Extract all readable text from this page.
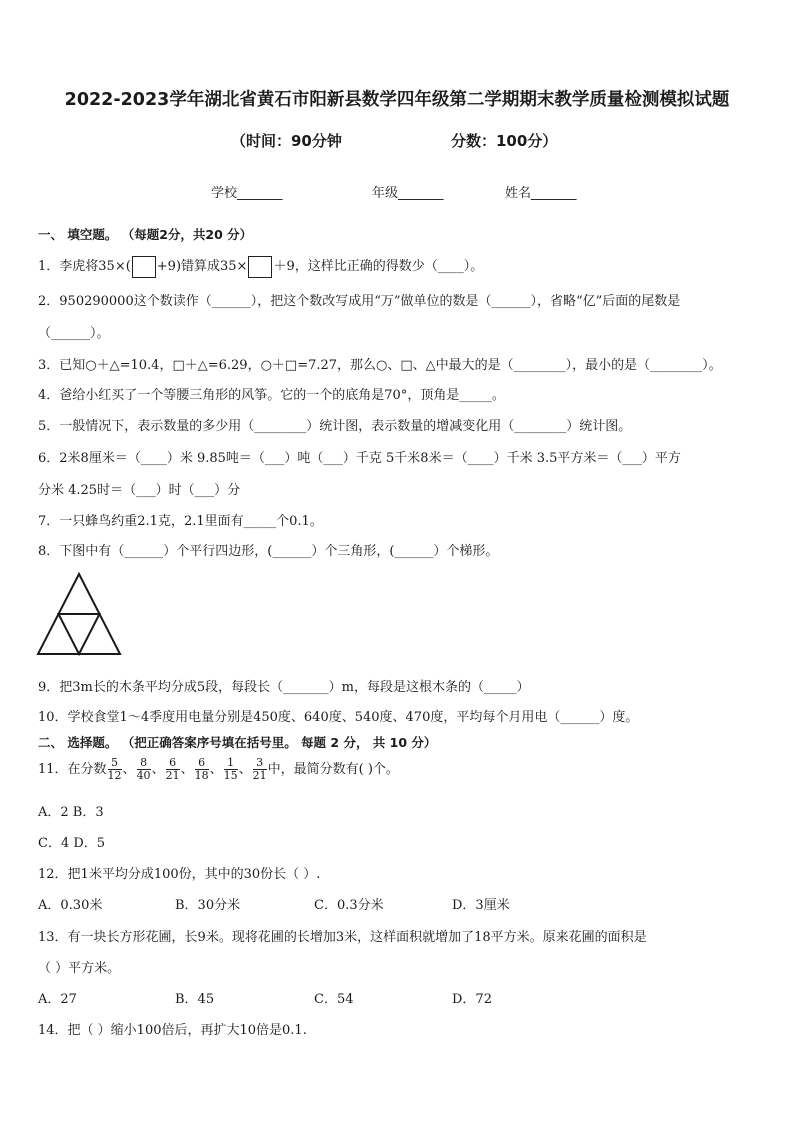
2022-2023学年湖北省黄石市阳新县数学四年级第二学期期末教学质量检测模拟试题
（时间：90分钟	分数：100分）
学校_______	年级_______	姓名_______
一、 填空题。 （每题2分，共20 分）
1．李虎将35×( +9)错算成35× ＋9，这样比正确的得数少（____）。
2．950290000这个数读作（______），把这个数改写成用“万”做单位的数是（______），省略“亿”后面的尾数是
（______）。
3．已知○＋△=10.4，□＋△=6.29，○＋□=7.27，那么○、□、△中最大的是（________），最小的是（________）。
4．爸给小红买了一个等腰三角形的风筝。它的一个的底角是70°，顶角是_____。
5．一般情况下，表示数量的多少用（________）统计图，表示数量的增减变化用（________）统计图。
6．2米8厘米＝（____）米 9.85吨＝（___）吨（___）千克 5千米8米＝（____）千米 3.5平方米＝（___）平方
分米 4.25时＝（___）时（___）分
7．一只蜂鸟约重2.1克，2.1里面有_____个0.1。
8．下图中有（______）个平行四边形，(______）个三角形，(______）个梯形。
9．把3m长的木条平均分成5段，每段长（_______）m，每段是这根木条的（_____）
10．学校食堂1～4季度用电量分别是450度、640度、540度、470度，平均每个月用电（______）度。
二、 选择题。 （把正确答案序号填在括号里。 每题 2 分， 共 10 分）
11．在分数 $\frac{5}{12}$ 、 $\frac{8}{40}$ 、 $\frac{6}{21}$ 、 $\frac{6}{18}$ 、 $\frac{1}{15}$ 、 $\frac{3}{21}$ 中，最简分数有( )个。
A．2 B．3
C．4 D．5
12．把1米平均分成100份，其中的30份长（ ）.
A．0.30米	B．30分米	C．0.3分米	D．3厘米
13．有一块长方形花圃，长9米。现将花圃的长增加3米，这样面积就增加了18平方米。原来花圃的面积是
（ ）平方米。
A．27	B．45	C．54	D．72
14．把（ ）缩小100倍后，再扩大10倍是0.1.
